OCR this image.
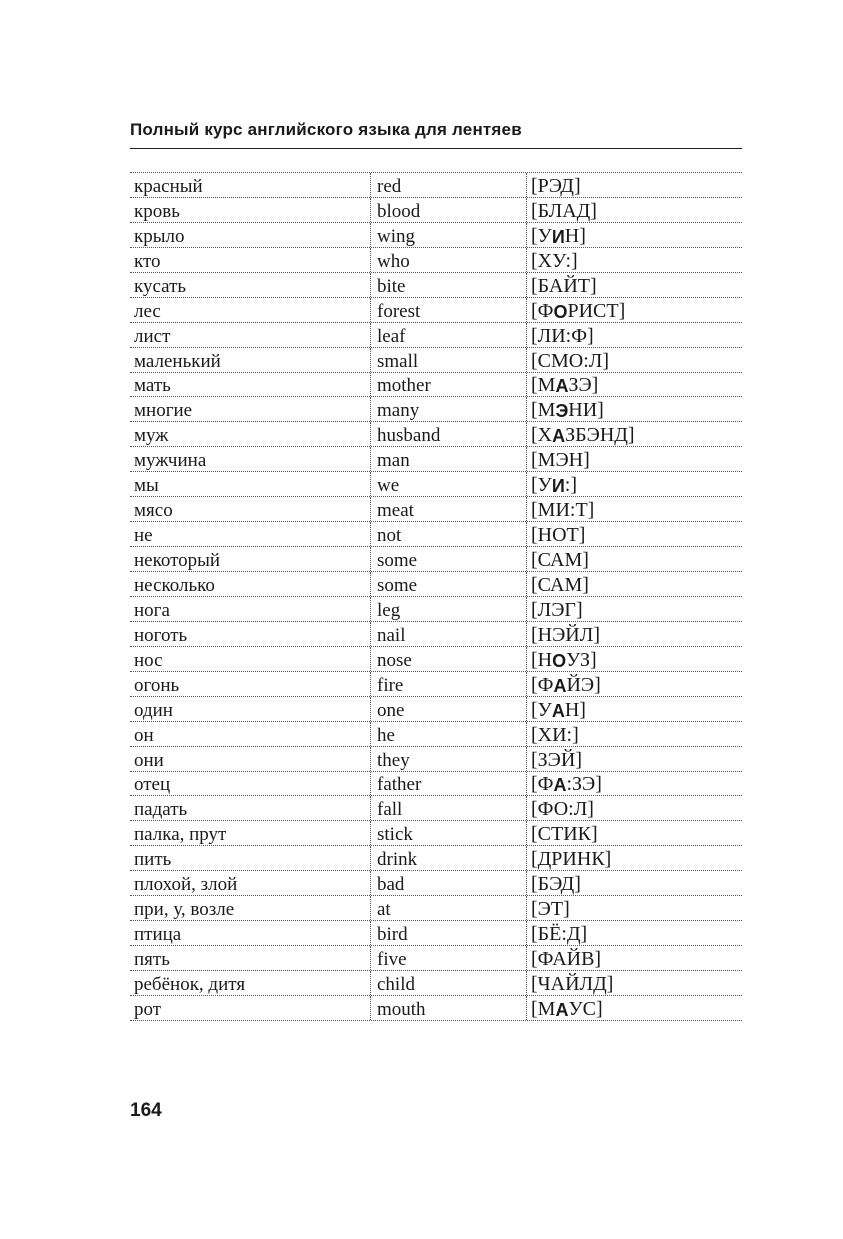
Полный курс английского языка для лентяев
красный	red	[РЭД]
кровь	blood	[БЛАД]
крыло	wing	[У И Н]
кто	who	[ХУ:]
кусать	bite	[БАЙТ]
лес	forest	[Ф О РИСТ]
лист	leaf	[ЛИ:Ф]
маленький	small	[СМО:Л]
мать	mother	[М А ЗЭ]
многие	many	[М Э НИ]
муж	husband	[Х А ЗБЭНД]
мужчина	man	[МЭН]
мы	we	[У И :]
мясо	meat	[МИ:Т]
не	not	[НОТ]
некоторый	some	[САМ]
несколько	some	[САМ]
нога	leg	[ЛЭГ]
ноготь	nail	[НЭЙЛ]
нос	nose	[Н О УЗ]
огонь	fire	[Ф А ЙЭ]
один	one	[У А Н]
он	he	[ХИ:]
они	they	[ЗЭЙ]
отец	father	[Ф А :ЗЭ]
падать	fall	[ФО:Л]
палка, прут	stick	[СТИК]
пить	drink	[ДРИНК]
плохой, злой	bad	[БЭД]
при, у, возле	at	[ЭТ]
птица	bird	[БЁ:Д]
пять	five	[ФАЙВ]
ребёнок, дитя	child	[ЧАЙЛД]
рот	mouth	[М А УС]
164
